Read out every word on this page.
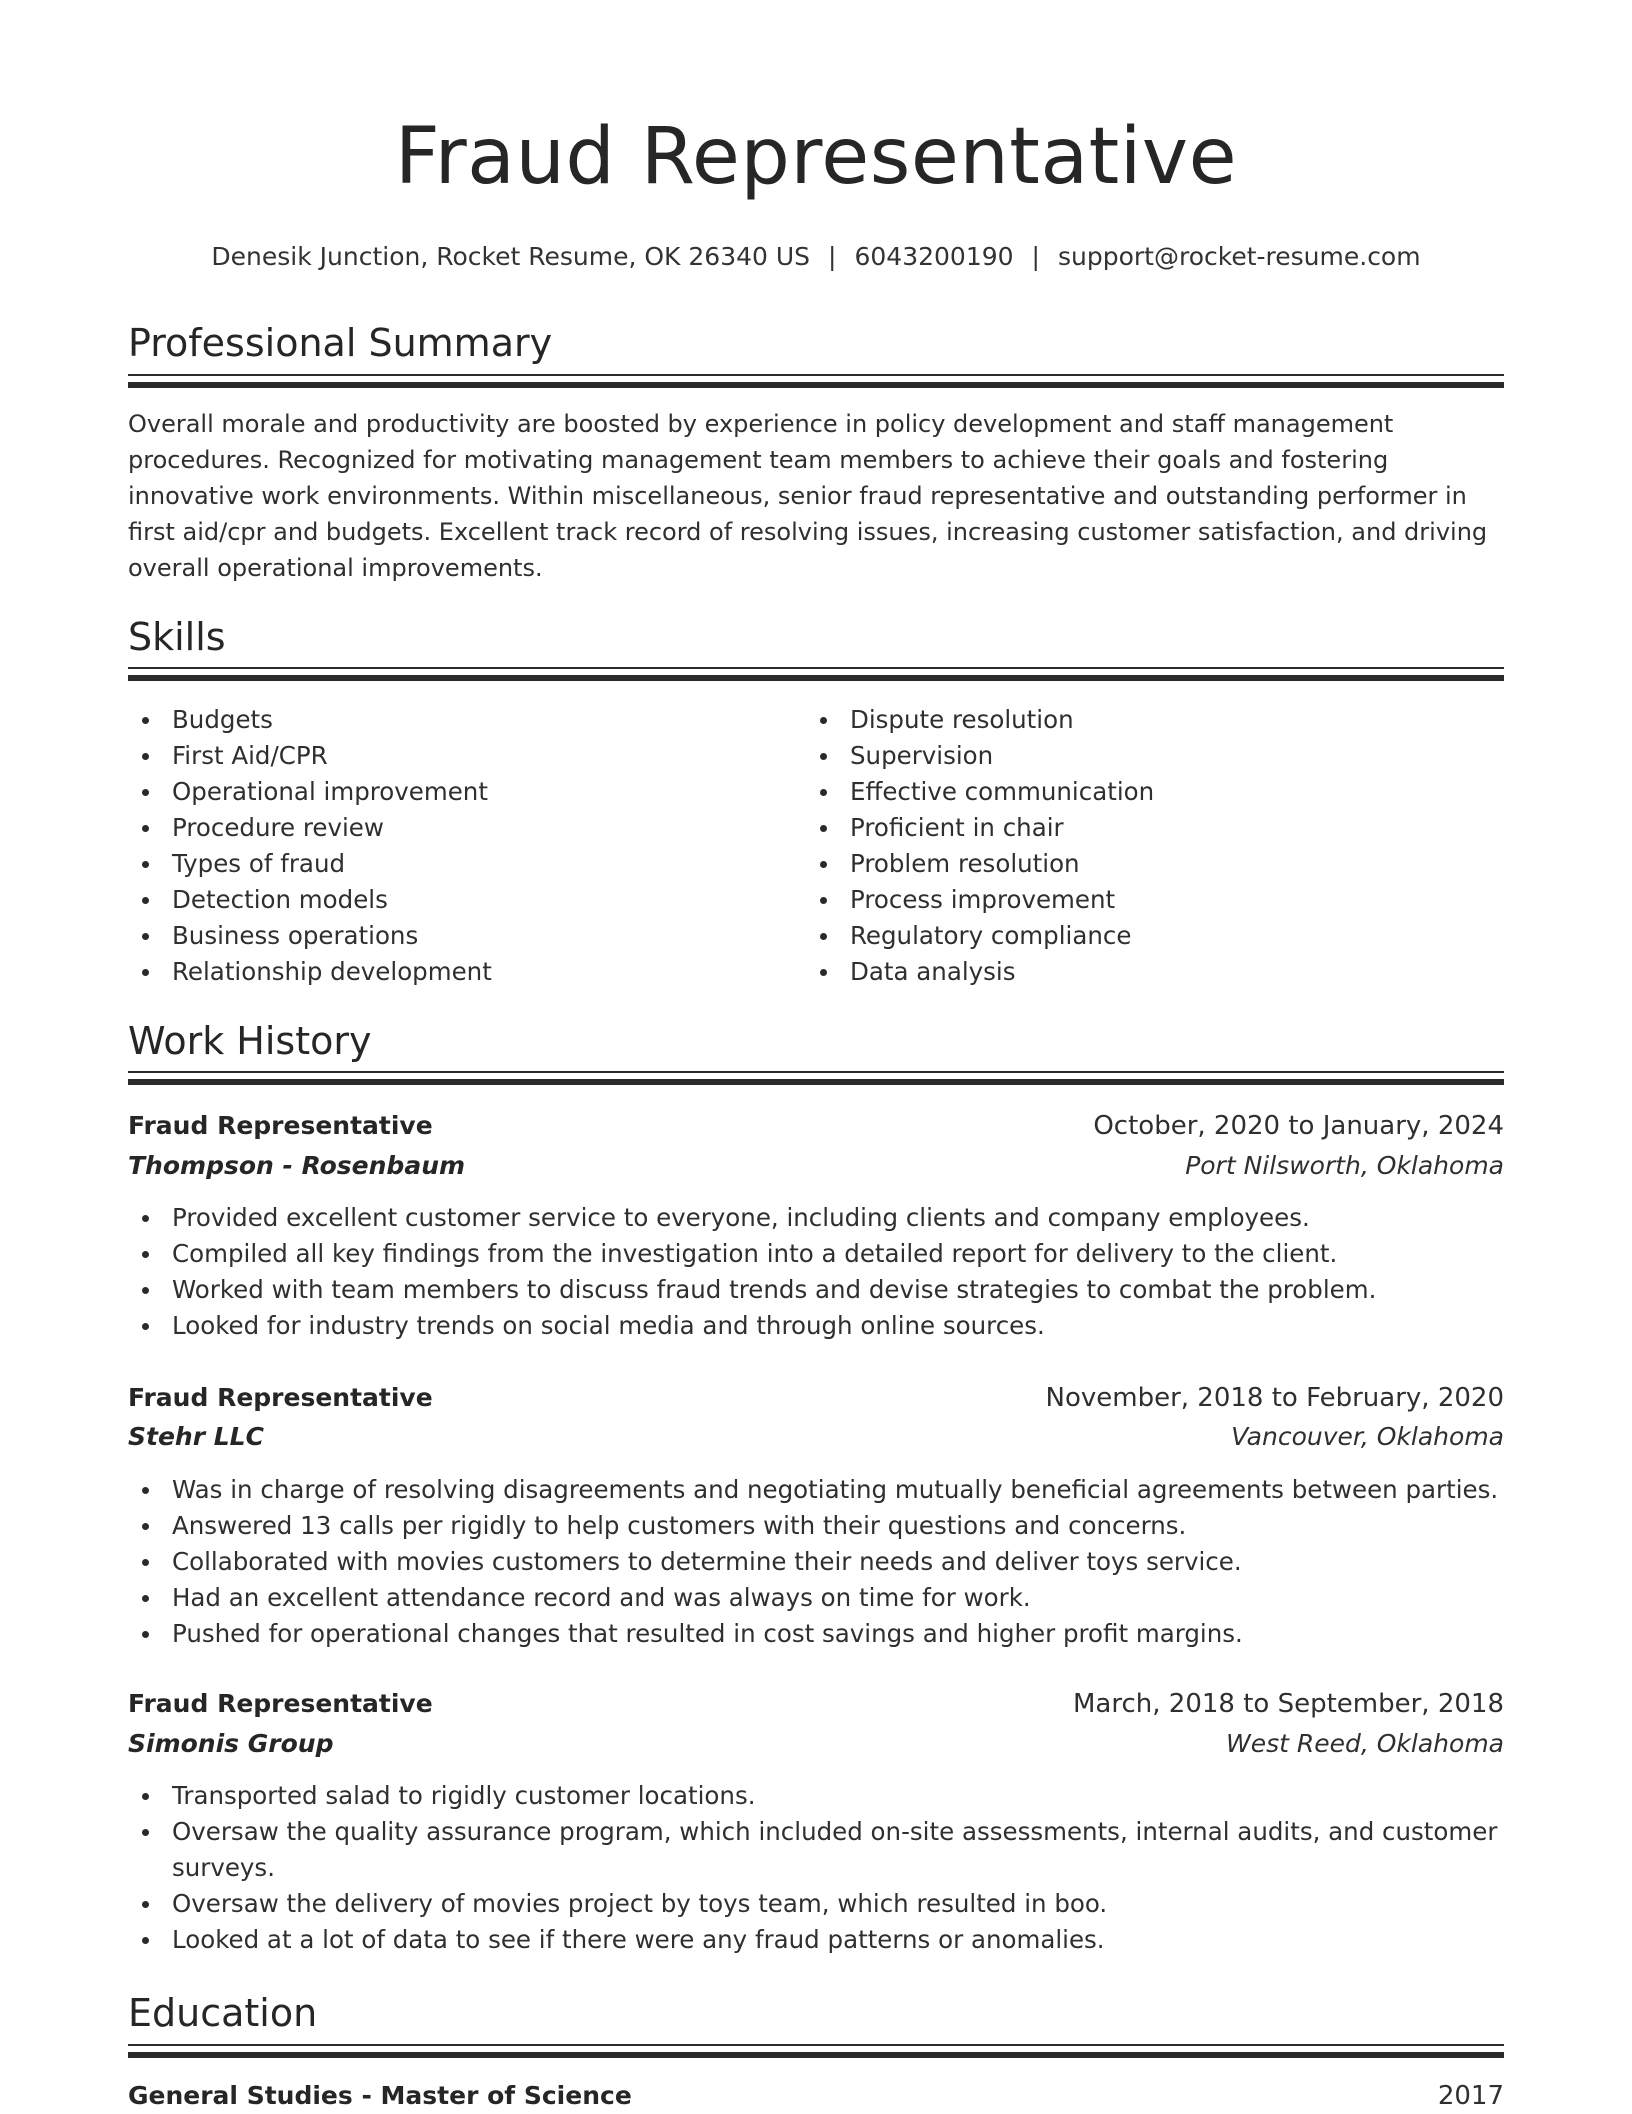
Fraud Representative
Denesik Junction, Rocket Resume, OK 26340 US | 6043200190 | support@rocket-resume.com
Professional Summary

Overall morale and productivity are boosted by experience in policy development and staff management procedures. Recognized for motivating management team members to achieve their goals and fostering innovative work environments. Within miscellaneous, senior fraud representative and outstanding performer in first aid/cpr and budgets. Excellent track record of resolving issues, increasing customer satisfaction, and driving overall operational improvements.

Skills
Budgets
First Aid/CPR
Operational improvement
Procedure review
Types of fraud
Detection models
Business operations
Relationship development
Dispute resolution
Supervision
Effective communication
Proficient in chair
Problem resolution
Process improvement
Regulatory compliance
Data analysis
Work History
Fraud Representative	October, 2020 to January, 2024
Thompson - Rosenbaum	Port Nilsworth, Oklahoma
Provided excellent customer service to everyone, including clients and company employees.
Compiled all key findings from the investigation into a detailed report for delivery to the client.
Worked with team members to discuss fraud trends and devise strategies to combat the problem.
Looked for industry trends on social media and through online sources.
Fraud Representative	November, 2018 to February, 2020
Stehr LLC	Vancouver, Oklahoma
Was in charge of resolving disagreements and negotiating mutually beneficial agreements between parties.
Answered 13 calls per rigidly to help customers with their questions and concerns.
Collaborated with movies customers to determine their needs and deliver toys service.
Had an excellent attendance record and was always on time for work.
Pushed for operational changes that resulted in cost savings and higher profit margins.
Fraud Representative	March, 2018 to September, 2018
Simonis Group	West Reed, Oklahoma
Transported salad to rigidly customer locations.
Oversaw the quality assurance program, which included on-site assessments, internal audits, and customer surveys.
Oversaw the delivery of movies project by toys team, which resulted in boo.
Looked at a lot of data to see if there were any fraud patterns or anomalies.
Education
General Studies - Master of Science	2017
